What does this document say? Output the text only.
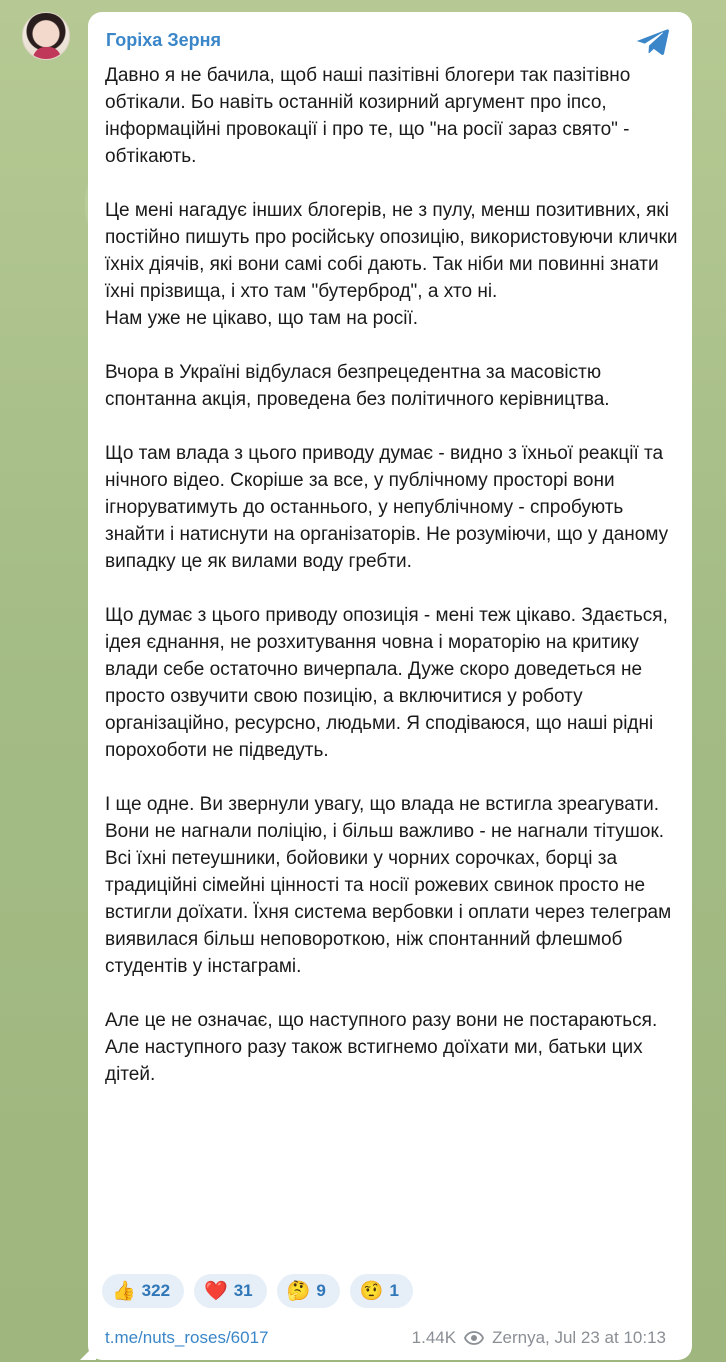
Горіха Зерня
Давно я не бачила, щоб наші пазітівні блогери так пазітівно обтікали. Бо навіть останній козирний аргумент про іпсо, інформаційні провокації і про те, що "на росії зараз свято" - обтікають.

Це мені нагадує інших блогерів, не з пулу, менш позитивних, які постійно пишуть про російську опозицію, використовуючи клички їхніх діячів, які вони самі собі дають. Так ніби ми повинні знати їхні прізвища, і хто там "бутерброд", а хто ні.
Нам уже не цікаво, що там на росії.

Вчора в Україні відбулася безпрецедентна за масовістю спонтанна акція, проведена без політичного керівництва.

Що там влада з цього приводу думає - видно з їхньої реакції та нічного відео. Скоріше за все, у публічному просторі вони ігноруватимуть до останнього, у непублічному - спробують знайти і натиснути на організаторів. Не розуміючи, що у даному випадку це як вилами воду гребти.

Що думає з цього приводу опозиція - мені теж цікаво. Здається, ідея єднання, не розхитування човна і мораторію на критику влади себе остаточно вичерпала. Дуже скоро доведеться не просто озвучити свою позицію, а включитися у роботу організаційно, ресурсно, людьми. Я сподіваюся, що наші рідні порохоботи не підведуть.

І ще одне. Ви звернули увагу, що влада не встигла зреагувати. Вони не нагнали поліцію, і більш важливо - не нагнали тітушок. Всі їхні петеушники, бойовики у чорних сорочках, борці за традиційні сімейні цінності та носії рожевих свинок просто не встигли доїхати. Їхня система вербовки і оплати через телеграм виявилася більш неповороткою, ніж спонтанний флешмоб студентів у інстаграмі.

Але це не означає, що наступного разу вони не постараються. Але наступного разу також встигнемо доїхати ми, батьки цих дітей.
👍 322 ❤️ 31 🤔 9 🤨 1
t.me/nuts_roses/6017	1.44K Zernya, Jul 23 at 10:13
